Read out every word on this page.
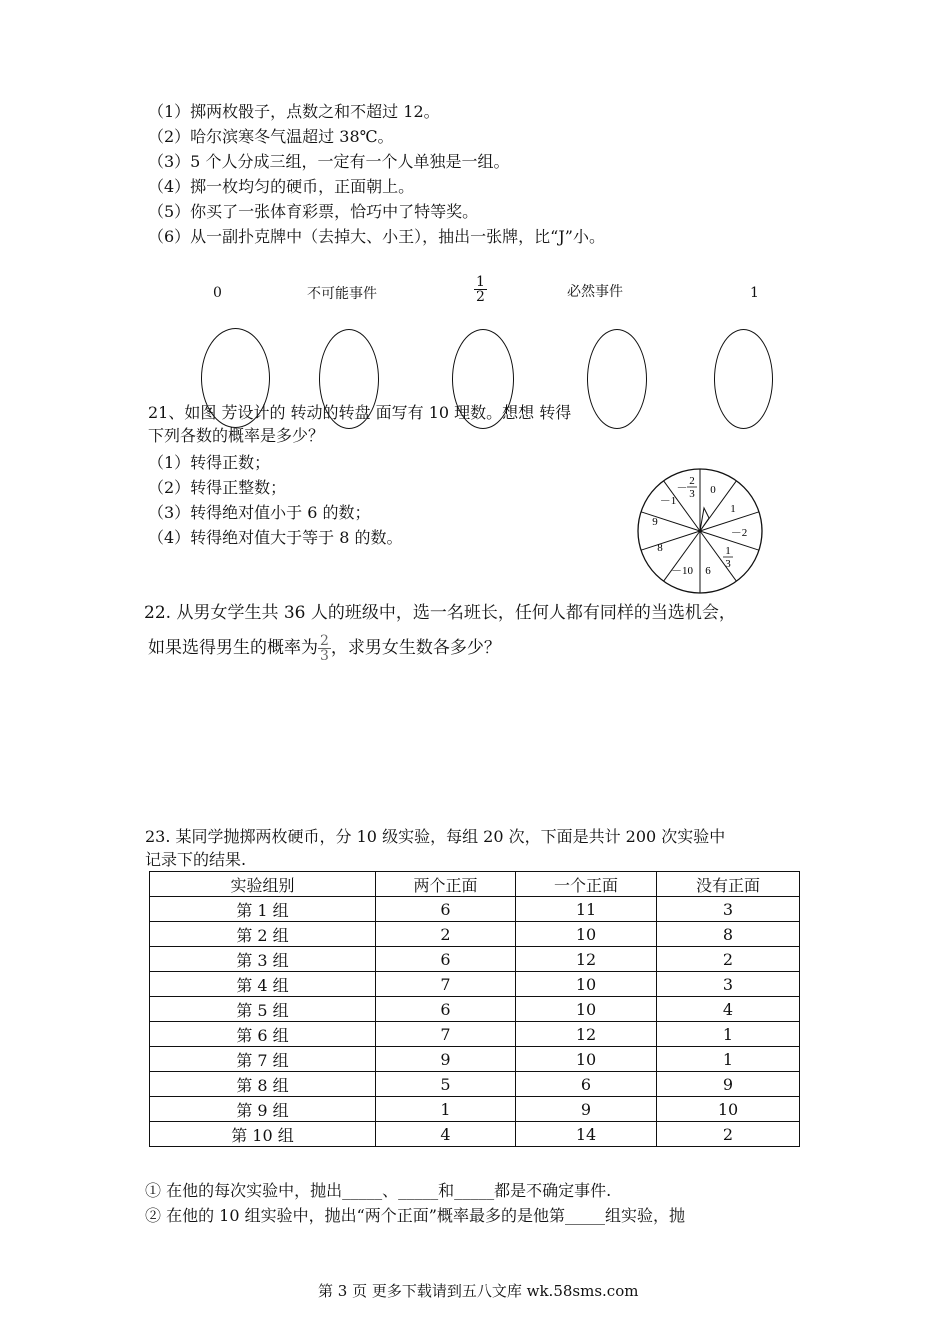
（1）掷两枚骰子，点数之和不超过 12。
（2）哈尔滨寒冬气温超过 38℃。
（3）5 个人分成三组，一定有一个人单独是一组。
（4）掷一枚均匀的硬币，正面朝上。
（5）你买了一张体育彩票，恰巧中了特等奖。
（6）从一副扑克牌中（去掉大、小王），抽出一张牌，比“J”小。
0	不可能事件	$\frac{1}{2}$	必然事件	1
21、如图 芳设计的 转动的转盘 面写有 10 理数。想想 转得
下列各数的概率是多少？
（1）转得正数；
（2）转得正整数；
（3）转得绝对值小于 6 的数；
（4）转得绝对值大于等于 8 的数。
0
1
－2
1
3
6
－10
8
9
－1
－
2
3
22. 从男女学生共 36 人的班级中，选一名班长，任何人都有同样的当选机会，
如果选得男生的概率为 $\frac{2}{3}$ ，求男女生数各多少？
23. 某同学抛掷两枚硬币，分 10 级实验，每组 20 次，下面是共计 200 次实验中
记录下的结果.
实验组别	两个正面	一个正面	没有正面
第 1 组	6	11	3
第 2 组	2	10	8
第 3 组	6	12	2
第 4 组	7	10	3
第 5 组	6	10	4
第 6 组	7	12	1
第 7 组	9	10	1
第 8 组	5	6	9
第 9 组	1	9	10
第 10 组	4	14	2
① 在他的每次实验中，抛出_____、_____和_____都是不确定事件.
② 在他的 10 组实验中，抛出“两个正面”概率最多的是他第_____组实验，抛
第 3 页 更多下载请到五八文库 wk.58sms.com
